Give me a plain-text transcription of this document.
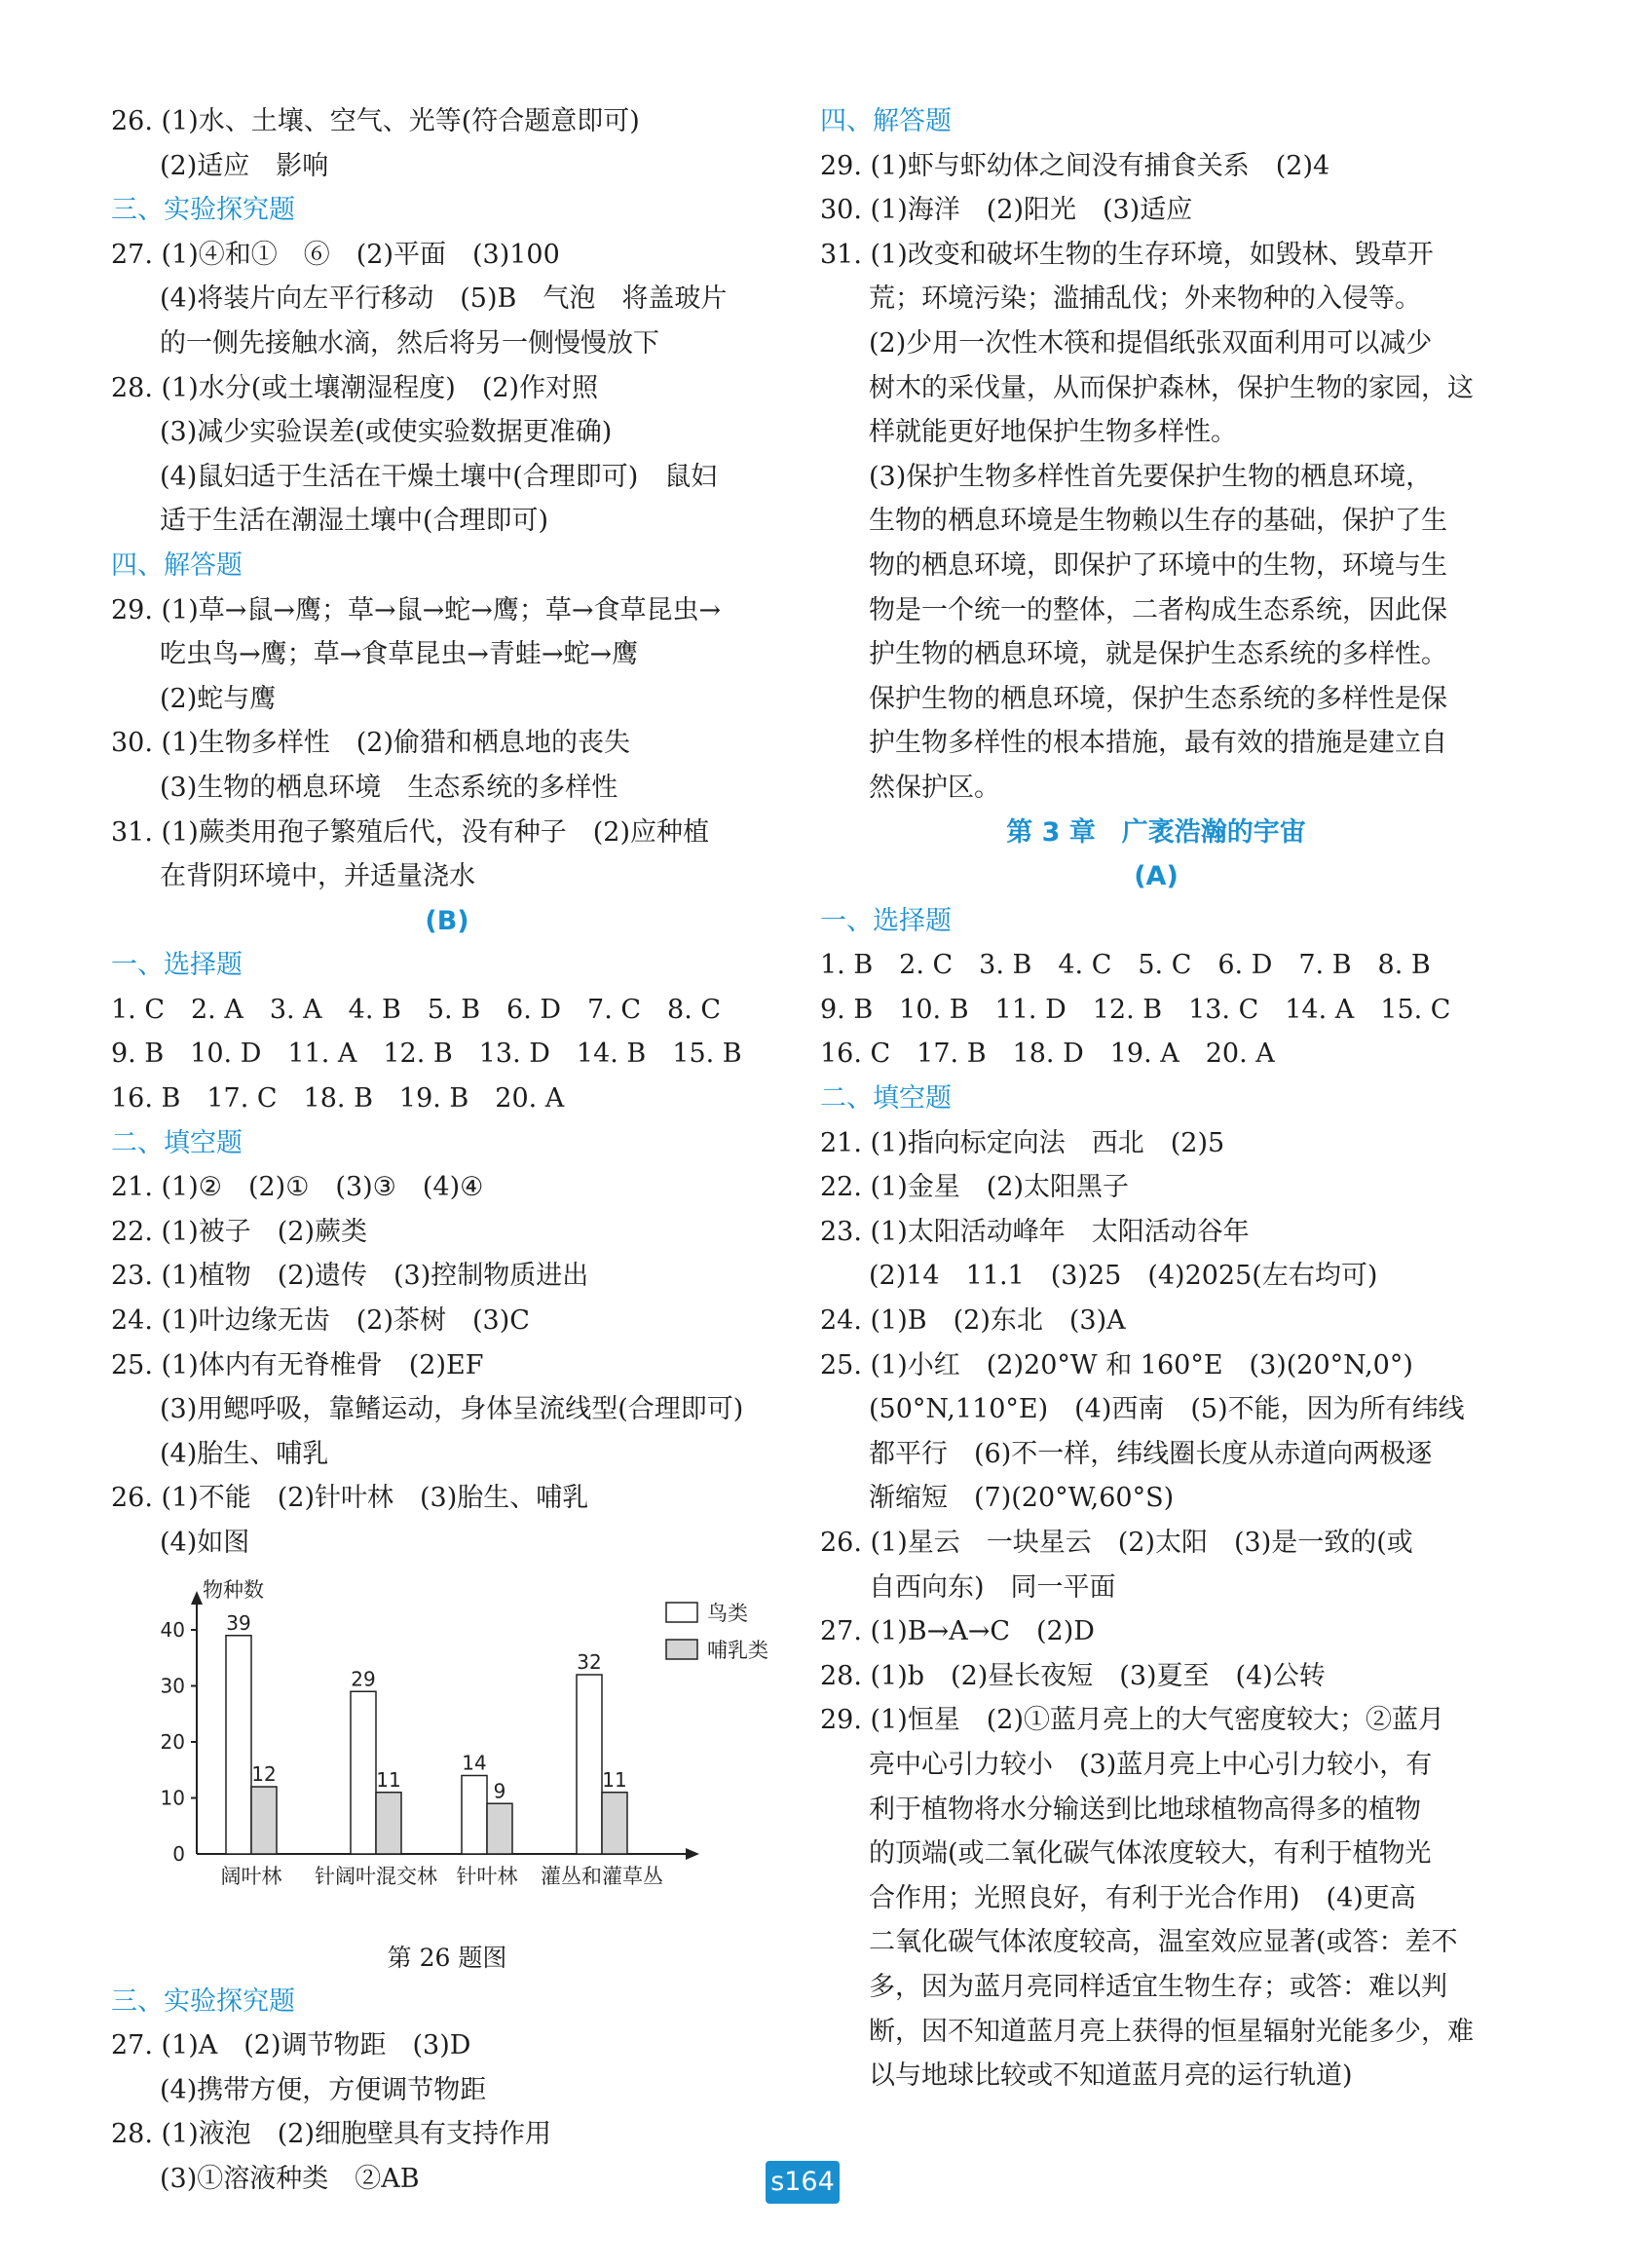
26. (1)水、土壤、空气、光等(符合题意即可)
(2)适应　影响
三、实验探究题
27. (1)④和①　⑥　(2)平面　(3)100
(4)将装片向左平行移动　(5)B　气泡　将盖玻片
的一侧先接触水滴，然后将另一侧慢慢放下
28. (1)水分(或土壤潮湿程度)　(2)作对照
(3)减少实验误差(或使实验数据更准确)
(4)鼠妇适于生活在干燥土壤中(合理即可)　鼠妇
适于生活在潮湿土壤中(合理即可)
四、解答题
29. (1)草→鼠→鹰；草→鼠→蛇→鹰；草→食草昆虫→
吃虫鸟→鹰；草→食草昆虫→青蛙→蛇→鹰
(2)蛇与鹰
30. (1)生物多样性　(2)偷猎和栖息地的丧失
(3)生物的栖息环境　生态系统的多样性
31. (1)蕨类用孢子繁殖后代，没有种子　(2)应种植
在背阴环境中，并适量浇水
(B)
一、选择题
1. C　2. A　3. A　4. B　5. B　6. D　7. C　8. C
9. B　10. D　11. A　12. B　13. D　14. B　15. B
16. B　17. C　18. B　19. B　20. A
二、填空题
21. (1)②　(2)①　(3)③　(4)④
22. (1)被子　(2)蕨类
23. (1)植物　(2)遗传　(3)控制物质进出
24. (1)叶边缘无齿　(2)茶树　(3)C
25. (1)体内有无脊椎骨　(2)EF
(3)用鳃呼吸，靠鳍运动，身体呈流线型(合理即可)
(4)胎生、哺乳
26. (1)不能　(2)针叶林　(3)胎生、哺乳
(4)如图
物种数
0
10
20
30
40 39
12
阔叶林
29
11
针阔叶混交林
14
9
针叶林
32
11
灌丛和灌草丛
鸟类
哺乳类
第 26 题图
三、实验探究题
27. (1)A　(2)调节物距　(3)D
(4)携带方便，方便调节物距
28. (1)液泡　(2)细胞壁具有支持作用
(3)①溶液种类　②AB
四、解答题
29. (1)虾与虾幼体之间没有捕食关系　(2)4
30. (1)海洋　(2)阳光　(3)适应
31. (1)改变和破坏生物的生存环境，如毁林、毁草开
荒；环境污染；滥捕乱伐；外来物种的入侵等。
(2)少用一次性木筷和提倡纸张双面利用可以减少
树木的采伐量，从而保护森林，保护生物的家园，这
样就能更好地保护生物多样性。
(3)保护生物多样性首先要保护生物的栖息环境，
生物的栖息环境是生物赖以生存的基础，保护了生
物的栖息环境，即保护了环境中的生物，环境与生
物是一个统一的整体，二者构成生态系统，因此保
护生物的栖息环境，就是保护生态系统的多样性。
保护生物的栖息环境，保护生态系统的多样性是保
护生物多样性的根本措施，最有效的措施是建立自
然保护区。
第 3 章　广袤浩瀚的宇宙
(A)
一、选择题
1. B　2. C　3. B　4. C　5. C　6. D　7. B　8. B
9. B　10. B　11. D　12. B　13. C　14. A　15. C
16. C　17. B　18. D　19. A　20. A
二、填空题
21. (1)指向标定向法　西北　(2)5
22. (1)金星　(2)太阳黑子
23. (1)太阳活动峰年　太阳活动谷年
(2)14　11.1　(3)25　(4)2025(左右均可)
24. (1)B　(2)东北　(3)A
25. (1)小红　(2)20°W 和 160°E　(3)(20°N,0°)
(50°N,110°E)　(4)西南　(5)不能，因为所有纬线
都平行　(6)不一样，纬线圈长度从赤道向两极逐
渐缩短　(7)(20°W,60°S)
26. (1)星云　一块星云　(2)太阳　(3)是一致的(或
自西向东)　同一平面
27. (1)B→A→C　(2)D
28. (1)b　(2)昼长夜短　(3)夏至　(4)公转
29. (1)恒星　(2)①蓝月亮上的大气密度较大；②蓝月
亮中心引力较小　(3)蓝月亮上中心引力较小，有
利于植物将水分输送到比地球植物高得多的植物
的顶端(或二氧化碳气体浓度较大，有利于植物光
合作用；光照良好，有利于光合作用)　(4)更高
二氧化碳气体浓度较高，温室效应显著(或答：差不
多，因为蓝月亮同样适宜生物生存；或答：难以判
断，因不知道蓝月亮上获得的恒星辐射光能多少，难
以与地球比较或不知道蓝月亮的运行轨道)
s164
